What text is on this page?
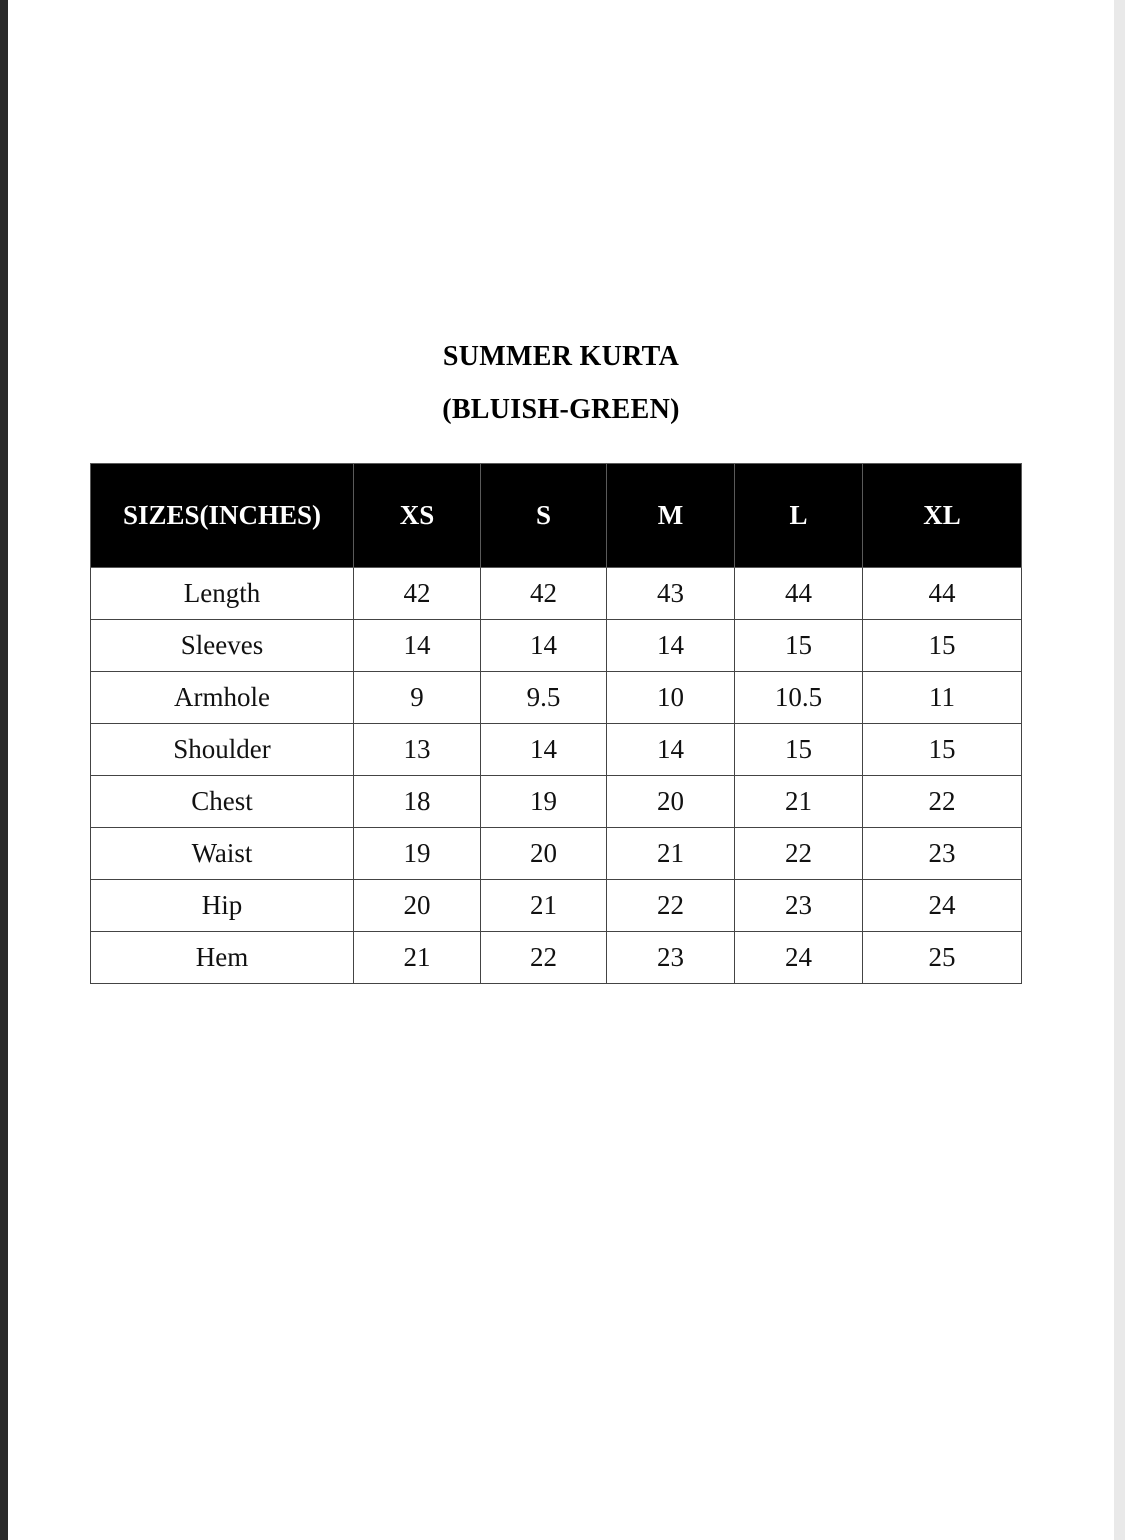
SUMMER KURTA
(BLUISH-GREEN)
SIZES(INCHES)	XS	S	M	L	XL
Length	42	42	43	44	44
Sleeves	14	14	14	15	15
Armhole	9	9.5	10	10.5	11
Shoulder	13	14	14	15	15
Chest	18	19	20	21	22
Waist	19	20	21	22	23
Hip	20	21	22	23	24
Hem	21	22	23	24	25
